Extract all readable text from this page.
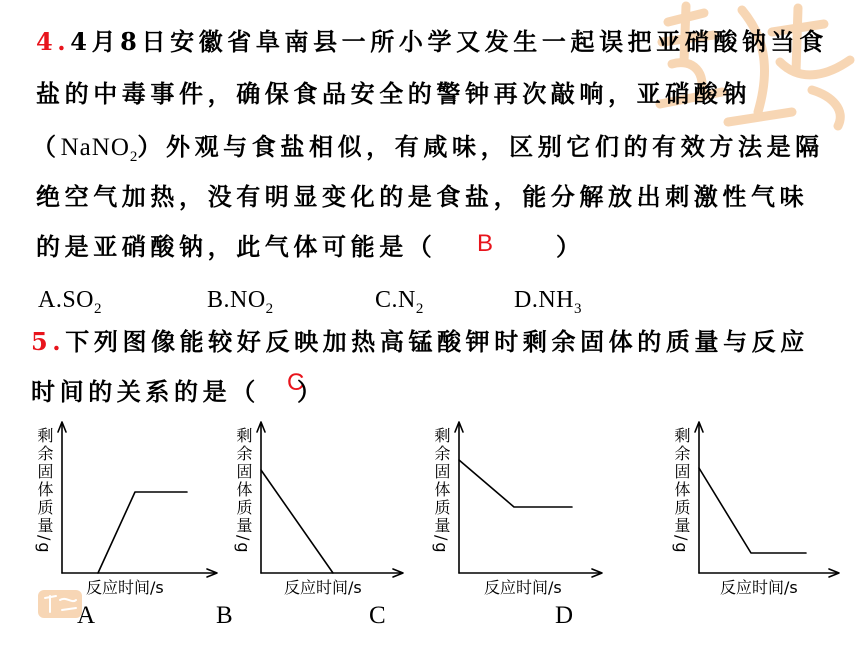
4.4月8日安徽省阜南县一所小学又发生一起误把亚硝酸钠当食
盐的中毒事件，确保食品安全的警钟再次敲响，亚硝酸钠
（NaNO$_2$）外观与食盐相似，有咸味，区别它们的有效方法是隔
绝空气加热，没有明显变化的是食盐，能分解放出刺激性气味
的是亚硝酸钠，此气体可能是（ B	）
$A.SO_2$	$B.NO_2$	$C.N_2$	$D.NH_3$
5.下列图像能较好反映加热高锰酸钾时剩余固体的质量与反应
时间的关系的是（ C
）
剩余固体质量/g
反应时间/s
A
剩余固体质量/g
反应时间/s
B
剩余固体质量/g
反应时间/s
C
剩余固体质量/g
反应时间/s
D
